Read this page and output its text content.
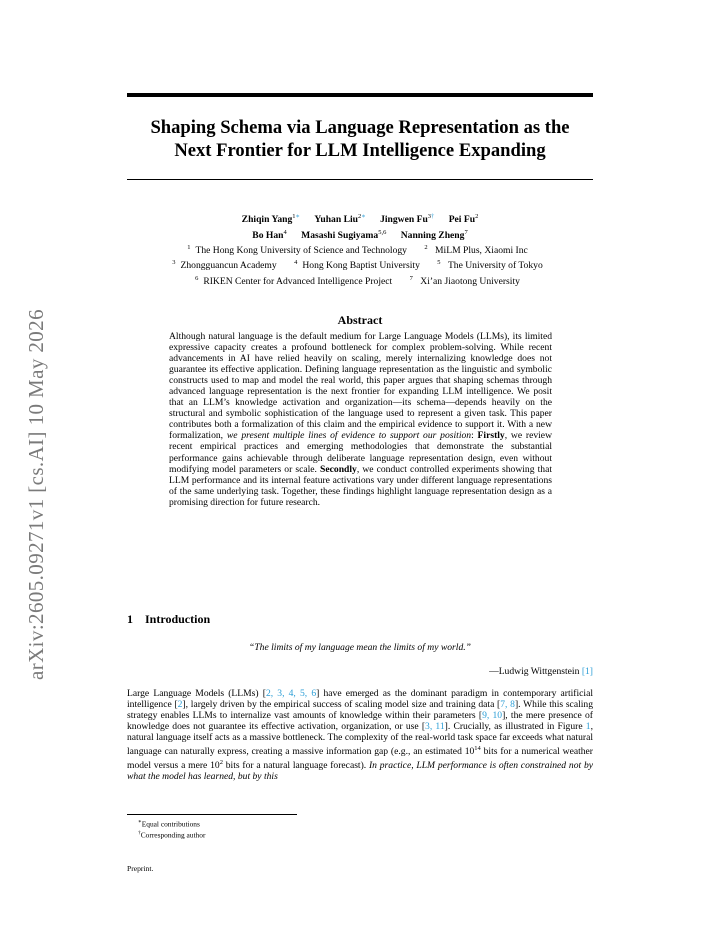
arXiv:2605.09271v1 [cs.AI] 10 May 2026
Shaping Schema via Language Representation as the
Next Frontier for LLM Intelligence Expanding
Zhiqin Yang$^{1∗}$ Yuhan Liu$^{2∗}$ Jingwen $Fu^{3\dagger}$ Pei Fu$^2$
Bo Han$^4$ Masashi Sugiyama$^{5,6}$ Nanning Zheng$^7$
$^1$ The Hong Kong University of Science and Technology	$^2$ MiLM Plus, Xiaomi Inc
$^3$ Zhongguancun Academy	$^4$ Hong Kong Baptist University	$^5$ The University of Tokyo
$^6$ RIKEN Center for Advanced Intelligence Project	$^7$ Xi’an Jiaotong University
Abstract
Although natural language is the default medium for Large Language Models (LLMs), its limited expressive capacity creates a profound bottleneck for complex problem-solving. While recent advancements in AI have relied heavily on scaling, merely internalizing knowledge does not guarantee its effective application. Defining language representation as the linguistic and symbolic constructs used to map and model the real world, this paper argues that shaping schemas through advanced language representation is the next frontier for expanding LLM intelligence. We posit that an LLM’s knowledge activation and organization—its schema—depends heavily on the structural and symbolic sophistication of the language used to represent a given task. This paper contributes both a formalization of this claim and the empirical evidence to support it. With a new formalization, we present multiple lines of evidence to support our position: Firstly, we review recent empirical practices and emerging methodologies that demonstrate the substantial performance gains achievable through deliberate language representation design, even without modifying model parameters or scale. Secondly, we conduct controlled experiments showing that LLM performance and its internal feature activations vary under different language representations of the same underlying task. Together, these findings highlight language representation design as a promising direction for future research.
1 Introduction
“The limits of my language mean the limits of my world.”
—Ludwig Wittgenstein [1]
Large Language Models (LLMs) [2, 3, 4, 5, 6] have emerged as the dominant paradigm in contemporary artificial intelligence [2], largely driven by the empirical success of scaling model size and training data [7, 8]. While this scaling strategy enables LLMs to internalize vast amounts of knowledge within their parameters [9, 10], the mere presence of knowledge does not guarantee its effective activation, organization, or use [3, 11]. Crucially, as illustrated in Figure 1, natural language itself acts as a massive bottleneck. The complexity of the real-world task space far exceeds what natural language can naturally express, creating a massive information gap (e.g., an estimated $10^{14}$ bits for a numerical weather model versus a mere $10^2$ bits for a natural language forecast). In practice, LLM performance is often constrained not by what the model has learned, but by this
∗Equal contributions
†Corresponding author
Preprint.
